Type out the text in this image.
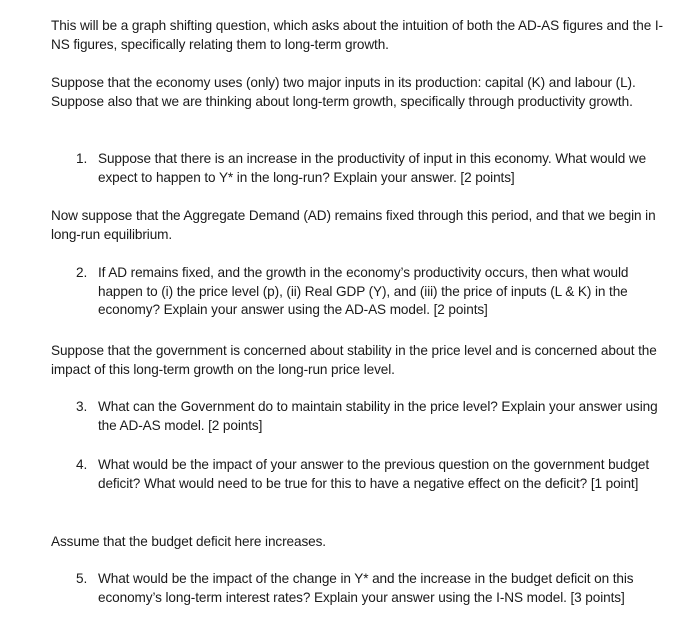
This will be a graph shifting question, which asks about the intuition of both the AD-AS figures and the I-NS figures, specifically relating them to long-term growth.

Suppose that the economy uses (only) two major inputs in its production: capital (K) and labour (L). Suppose also that we are thinking about long-term growth, specifically through productivity growth.

1. Suppose that there is an increase in the productivity of input in this economy. What would we expect to happen to Y* in the long-run? Explain your answer. [2 points]

Now suppose that the Aggregate Demand (AD) remains fixed through this period, and that we begin in long-run equilibrium.

2. If AD remains fixed, and the growth in the economy’s productivity occurs, then what would happen to (i) the price level (p), (ii) Real GDP (Y), and (iii) the price of inputs (L & K) in the economy? Explain your answer using the AD-AS model. [2 points]

Suppose that the government is concerned about stability in the price level and is concerned about the impact of this long-term growth on the long-run price level.

3. What can the Government do to maintain stability in the price level? Explain your answer using the AD-AS model. [2 points]
4. What would be the impact of your answer to the previous question on the government budget deficit? What would need to be true for this to have a negative effect on the deficit? [1 point]

Assume that the budget deficit here increases.

5. What would be the impact of the change in Y* and the increase in the budget deficit on this economy’s long-term interest rates? Explain your answer using the I-NS model. [3 points]
